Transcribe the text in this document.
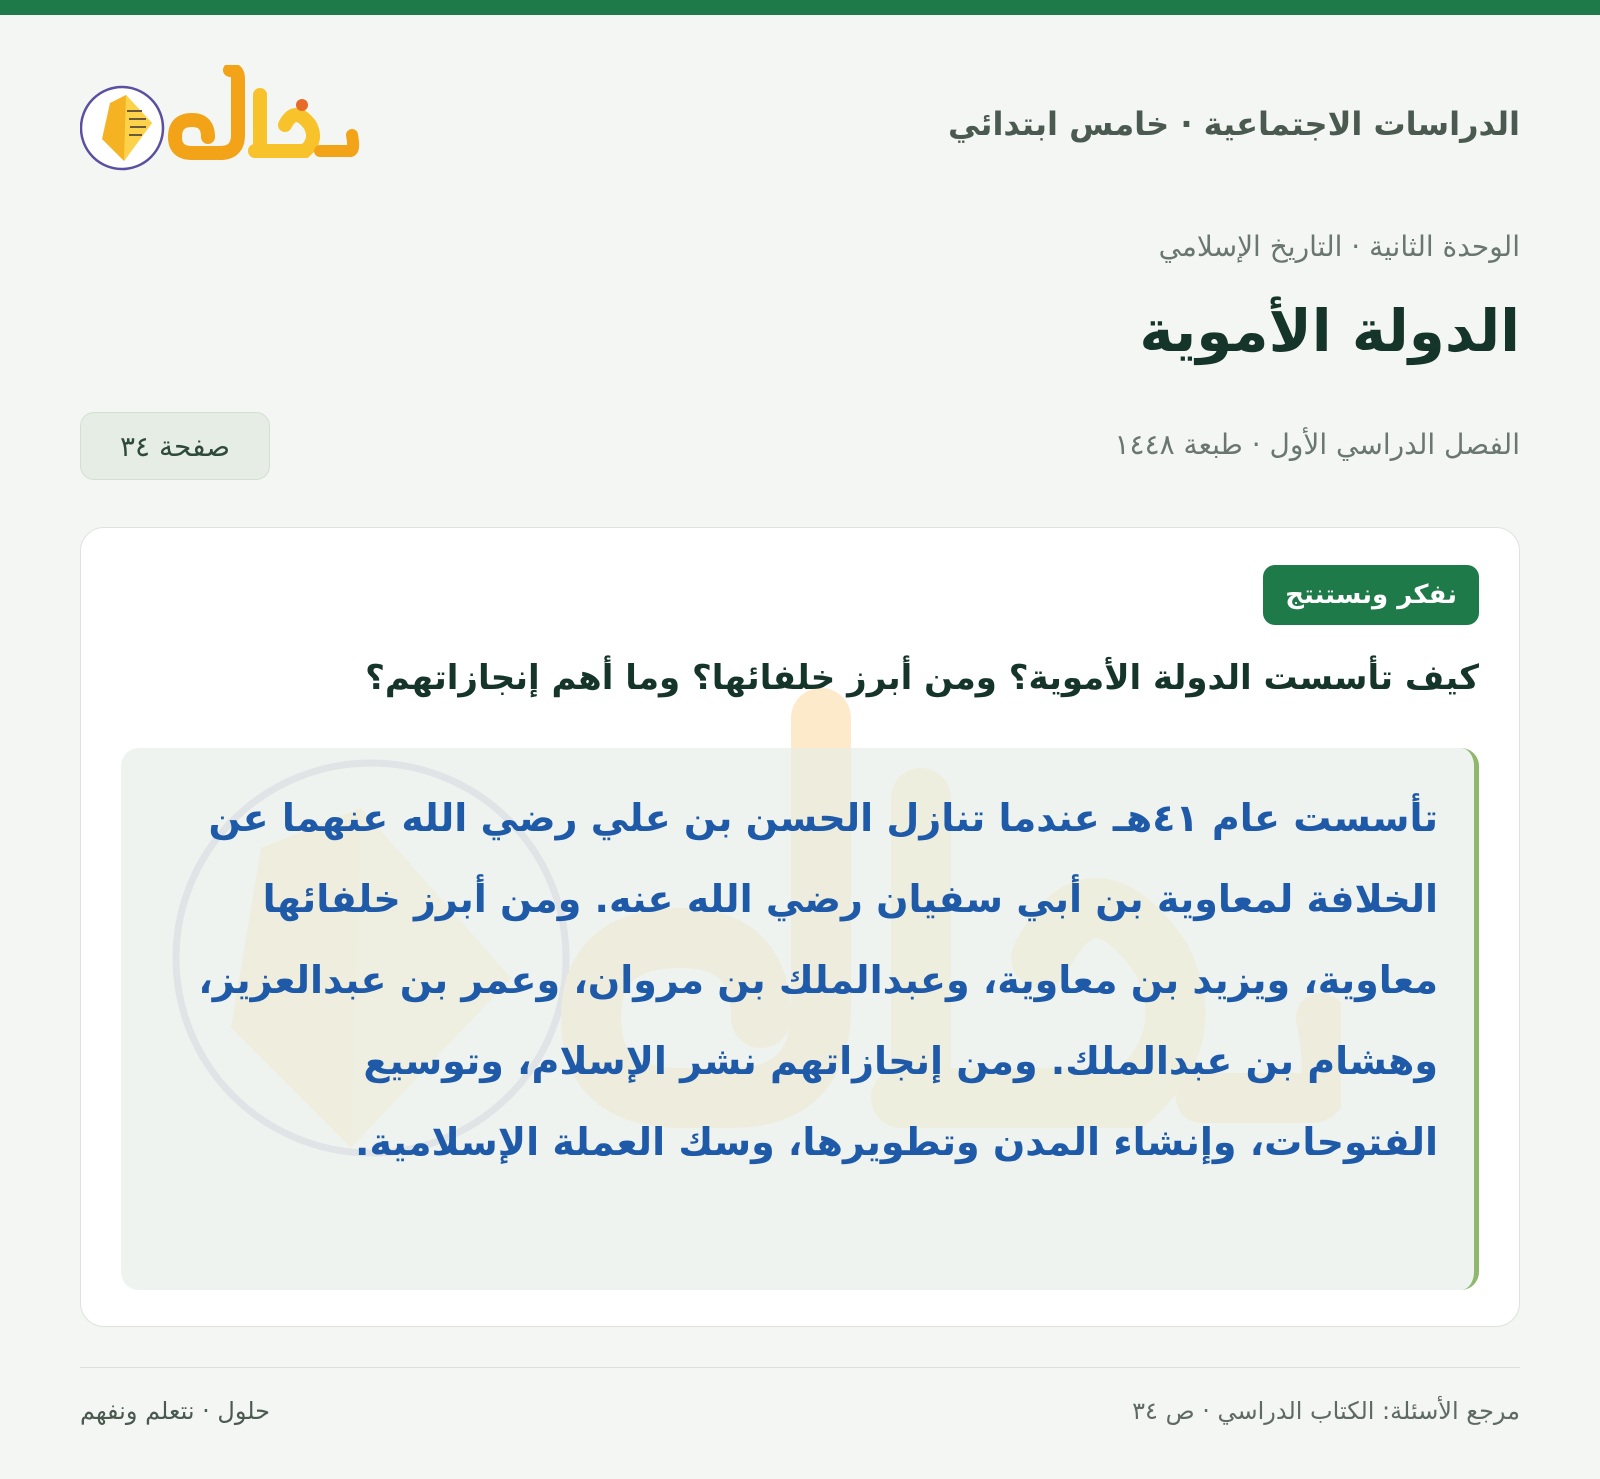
الدراسات الاجتماعية · خامس ابتدائي
الوحدة الثانية · التاريخ الإسلامي
الدولة الأموية
الفصل الدراسي الأول · طبعة ١٤٤٨
صفحة ٣٤
نفكر ونستنتج
كيف تأسست الدولة الأموية؟ ومن أبرز خلفائها؟ وما أهم إنجازاتهم؟

تأسست عام ٤١هـ عندما تنازل الحسن بن علي رضي الله عنهما عن الخلافة لمعاوية بن أبي سفيان رضي الله عنه. ومن أبرز خلفائها معاوية، ويزيد بن معاوية، وعبدالملك بن مروان، وعمر بن عبدالعزيز، وهشام بن عبدالملك. ومن إنجازاتهم نشر الإسلام، وتوسيع الفتوحات، وإنشاء المدن وتطويرها، وسك العملة الإسلامية.

مرجع الأسئلة: الكتاب الدراسي · ص ٣٤
حلول · نتعلم ونفهم
